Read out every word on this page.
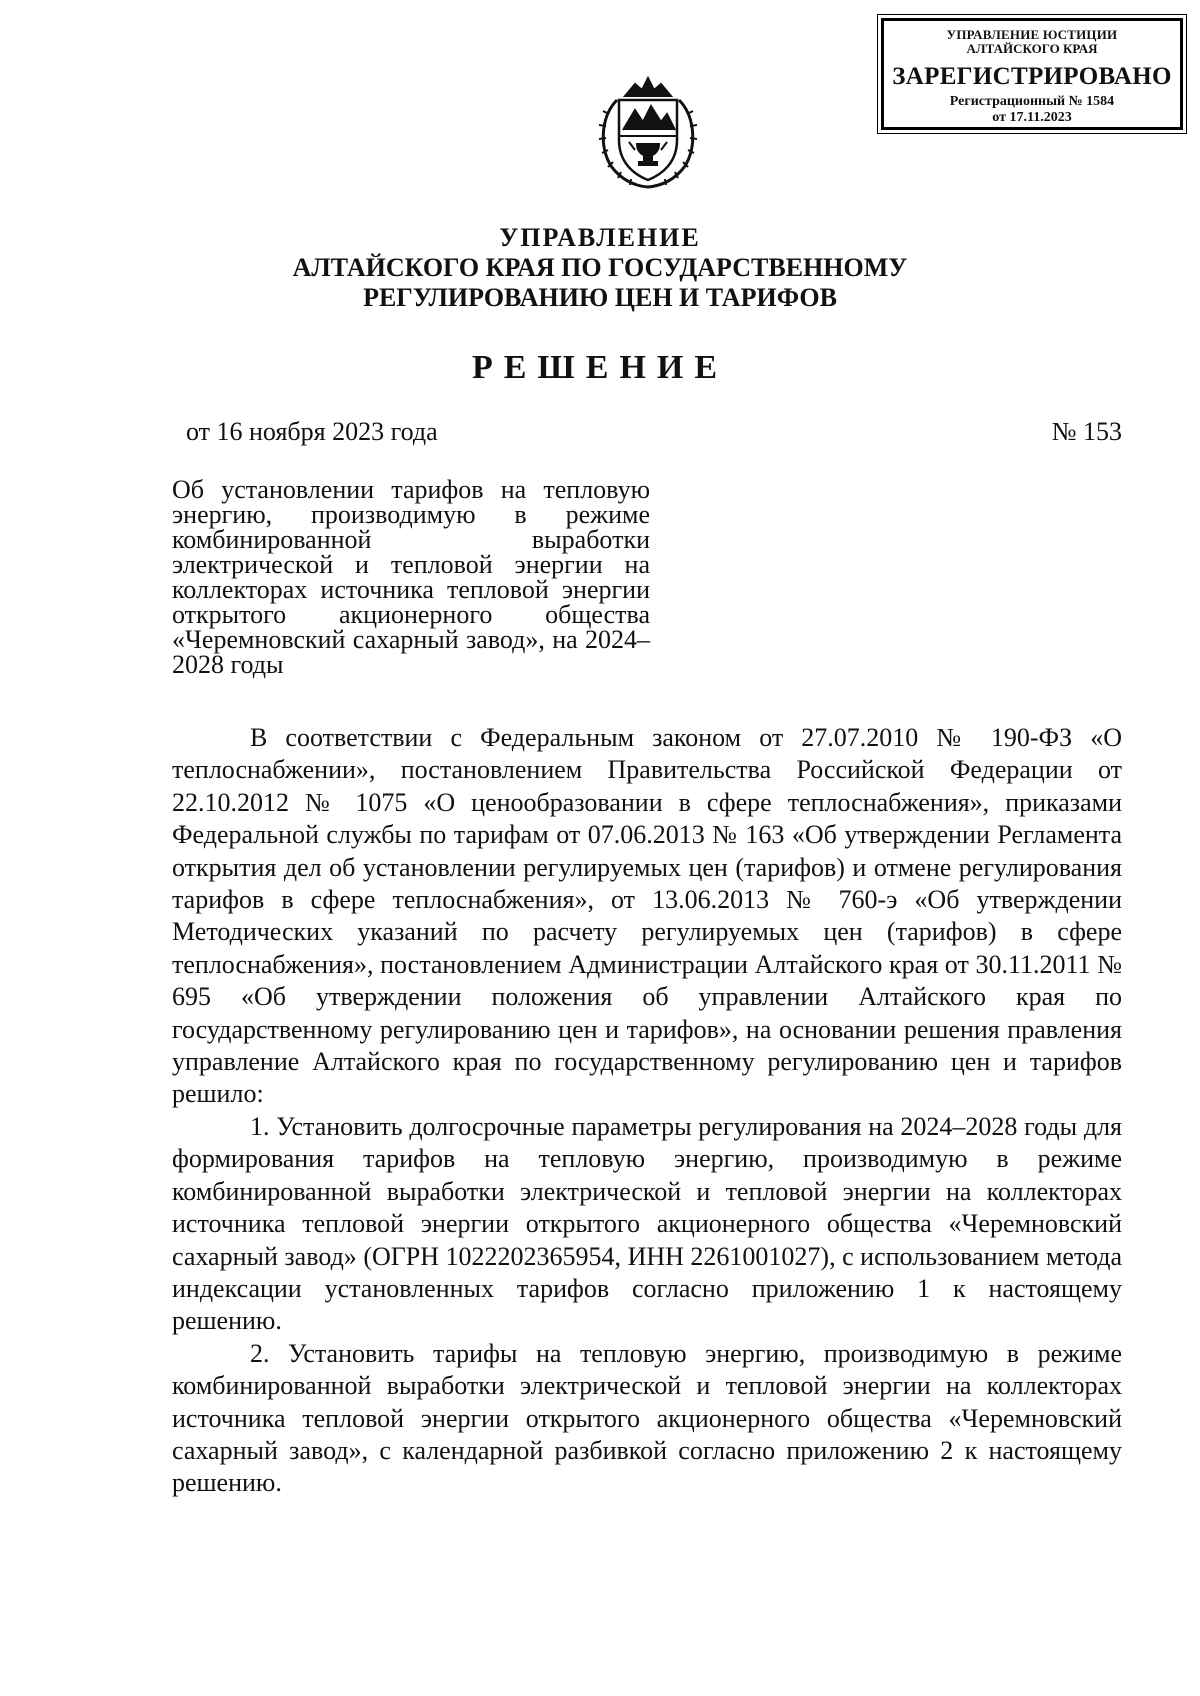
УПРАВЛЕНИЕ ЮСТИЦИИ
АЛТАЙСКОГО КРАЯ
ЗАРЕГИСТРИРОВАНО
Регистрационный № 1584
от 17.11.2023
УПРАВЛЕНИЕ
АЛТАЙСКОГО КРАЯ ПО ГОСУДАРСТВЕННОМУ
РЕГУЛИРОВАНИЮ ЦЕН И ТАРИФОВ
РЕШЕНИЕ
от 16 ноября 2023 года	№ 153
Об установлении тарифов на тепловую энергию, производимую в режиме комбинированной выработки электрической и тепловой энергии на коллекторах источника тепловой энергии открытого акционерного общества «Черемновский сахарный завод», на 2024–2028 годы

В соответствии с Федеральным законом от 27.07.2010 № 190-ФЗ «О теплоснабжении», постановлением Правительства Российской Федерации от 22.10.2012 № 1075 «О ценообразовании в сфере теплоснабжения», приказами Федеральной службы по тарифам от 07.06.2013 № 163 «Об утверждении Регламента открытия дел об установлении регулируемых цен (тарифов) и отмене регулирования тарифов в сфере теплоснабжения», от 13.06.2013 № 760-э «Об утверждении Методических указаний по расчету регулируемых цен (тарифов) в сфере теплоснабжения», постановлением Администрации Алтайского края от 30.11.2011 № 695 «Об утверждении положения об управлении Алтайского края по государственному регулированию цен и тарифов», на основании решения правления управление Алтайского края по государственному регулированию цен и тарифов решило:

1. Установить долгосрочные параметры регулирования на 2024–2028 годы для формирования тарифов на тепловую энергию, производимую в режиме комбинированной выработки электрической и тепловой энергии на коллекторах источника тепловой энергии открытого акционерного общества «Черемновский сахарный завод» (ОГРН 1022202365954, ИНН 2261001027), с использованием метода индексации установленных тарифов согласно приложению 1 к настоящему решению.

2. Установить тарифы на тепловую энергию, производимую в режиме комбинированной выработки электрической и тепловой энергии на коллекторах источника тепловой энергии открытого акционерного общества «Черемновский сахарный завод», с календарной разбивкой согласно приложению 2 к настоящему решению.
